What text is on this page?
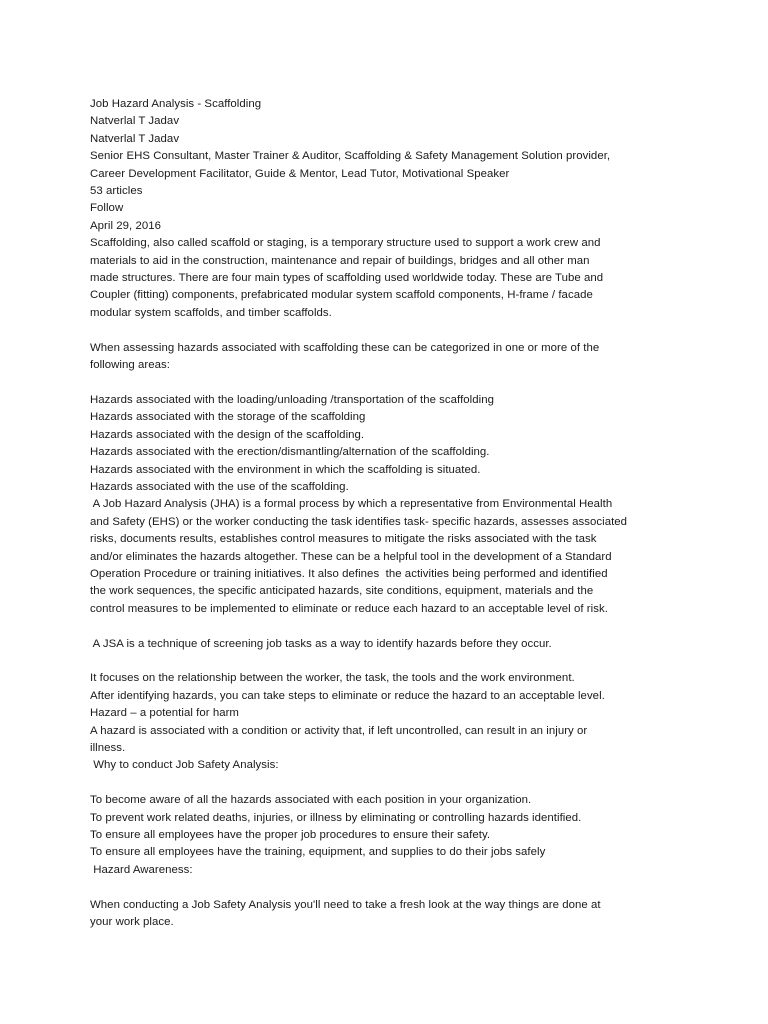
Job Hazard Analysis - Scaffolding
Natverlal T Jadav
Natverlal T Jadav
Senior EHS Consultant, Master Trainer & Auditor, Scaffolding & Safety Management Solution provider,
Career Development Facilitator, Guide & Mentor, Lead Tutor, Motivational Speaker
53 articles
Follow
April 29, 2016
Scaffolding, also called scaffold or staging, is a temporary structure used to support a work crew and
materials to aid in the construction, maintenance and repair of buildings, bridges and all other man
made structures. There are four main types of scaffolding used worldwide today. These are Tube and
Coupler (fitting) components, prefabricated modular system scaffold components, H-frame / facade
modular system scaffolds, and timber scaffolds.
When assessing hazards associated with scaffolding these can be categorized in one or more of the
following areas:
Hazards associated with the loading/unloading /transportation of the scaffolding
Hazards associated with the storage of the scaffolding
Hazards associated with the design of the scaffolding.
Hazards associated with the erection/dismantling/alternation of the scaffolding.
Hazards associated with the environment in which the scaffolding is situated.
Hazards associated with the use of the scaffolding.
A Job Hazard Analysis (JHA) is a formal process by which a representative from Environmental Health
and Safety (EHS) or the worker conducting the task identifies task- specific hazards, assesses associated
risks, documents results, establishes control measures to mitigate the risks associated with the task
and/or eliminates the hazards altogether. These can be a helpful tool in the development of a Standard
Operation Procedure or training initiatives. It also defines  the activities being performed and identified
the work sequences, the specific anticipated hazards, site conditions, equipment, materials and the
control measures to be implemented to eliminate or reduce each hazard to an acceptable level of risk.
A JSA is a technique of screening job tasks as a way to identify hazards before they occur.
It focuses on the relationship between the worker, the task, the tools and the work environment.
After identifying hazards, you can take steps to eliminate or reduce the hazard to an acceptable level.
Hazard – a potential for harm
A hazard is associated with a condition or activity that, if left uncontrolled, can result in an injury or
illness.
Why to conduct Job Safety Analysis:
To become aware of all the hazards associated with each position in your organization.
To prevent work related deaths, injuries, or illness by eliminating or controlling hazards identified.
To ensure all employees have the proper job procedures to ensure their safety.
To ensure all employees have the training, equipment, and supplies to do their jobs safely
Hazard Awareness:
When conducting a Job Safety Analysis you'll need to take a fresh look at the way things are done at
your work place.
